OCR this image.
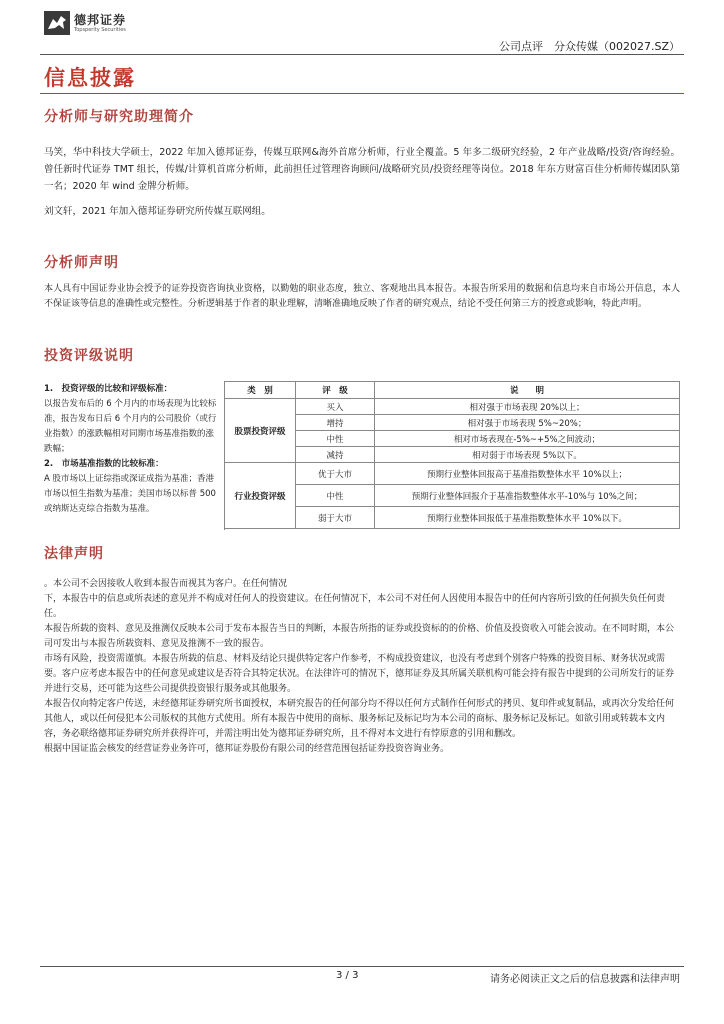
德邦证券
Topsperity Securities
公司点评　分众传媒（002027.SZ）
信息披露
分析师与研究助理简介

马笑，华中科技大学硕士，2022 年加入德邦证券，传媒互联网&海外首席分析师，行业全覆盖。5 年多二级研究经验，2 年产业战略/投资/咨询经验。曾任新时代证券 TMT 组长，传媒/计算机首席分析师，此前担任过管理咨询顾问/战略研究员/投资经理等岗位。2018 年东方财富百佳分析师传媒团队第一名；2020 年 wind 金牌分析师。

刘文轩，2021 年加入德邦证券研究所传媒互联网组。

分析师声明

本人具有中国证券业协会授予的证券投资咨询执业资格，以勤勉的职业态度，独立、客观地出具本报告。本报告所采用的数据和信息均来自市场公开信息，本人不保证该等信息的准确性或完整性。分析逻辑基于作者的职业理解，清晰准确地反映了作者的研究观点，结论不受任何第三方的授意或影响，特此声明。

投资评级说明
1.　投资评级的比较和评级标准：
以报告发布后的 6 个月内的市场表现为比较标准，报告发布日后 6 个月内的公司股价（或行业指数）的涨跌幅相对同期市场基准指数的涨跌幅；
2.　市场基准指数的比较标准：
A 股市场以上证综指或深证成指为基准；香港市场以恒生指数为基准；美国市场以标普 500 或纳斯达克综合指数为基准。	类　别	评　级	说　　明
	股票投资评级	买入	相对强于市场表现 20%以上；
		增持	相对强于市场表现 5%~20%；
		中性	相对市场表现在-5%~+5%之间波动；
		减持	相对弱于市场表现 5%以下。
	行业投资评级	优于大市	预期行业整体回报高于基准指数整体水平 10%以上；
		中性	预期行业整体回报介于基准指数整体水平-10%与 10%之间；
		弱于大市	预期行业整体回报低于基准指数整体水平 10%以下。

法律声明

。本公司不会因接收人收到本报告而视其为客户。在任何情况

下，本报告中的信息或所表述的意见并不构成对任何人的投资建议。在任何情况下，本公司不对任何人因使用本报告中的任何内容所引致的任何损失负任何责任。

本报告所载的资料、意见及推测仅反映本公司于发布本报告当日的判断，本报告所指的证券或投资标的的价格、价值及投资收入可能会波动。在不同时期，本公司可发出与本报告所载资料、意见及推测不一致的报告。

市场有风险，投资需谨慎。本报告所载的信息、材料及结论只提供特定客户作参考，不构成投资建议，也没有考虑到个别客户特殊的投资目标、财务状况或需要。客户应考虑本报告中的任何意见或建议是否符合其特定状况。在法律许可的情况下，德邦证券及其所属关联机构可能会持有报告中提到的公司所发行的证券并进行交易，还可能为这些公司提供投资银行服务或其他服务。

本报告仅向特定客户传送，未经德邦证券研究所书面授权，本研究报告的任何部分均不得以任何方式制作任何形式的拷贝、复印件或复制品，或再次分发给任何其他人，或以任何侵犯本公司版权的其他方式使用。所有本报告中使用的商标、服务标记及标记均为本公司的商标、服务标记及标记。如欲引用或转载本文内容，务必联络德邦证券研究所并获得许可，并需注明出处为德邦证券研究所，且不得对本文进行有悖原意的引用和删改。

根据中国证监会核发的经营证券业务许可，德邦证券股份有限公司的经营范围包括证券投资咨询业务。

3 / 3	请务必阅读正文之后的信息披露和法律声明
